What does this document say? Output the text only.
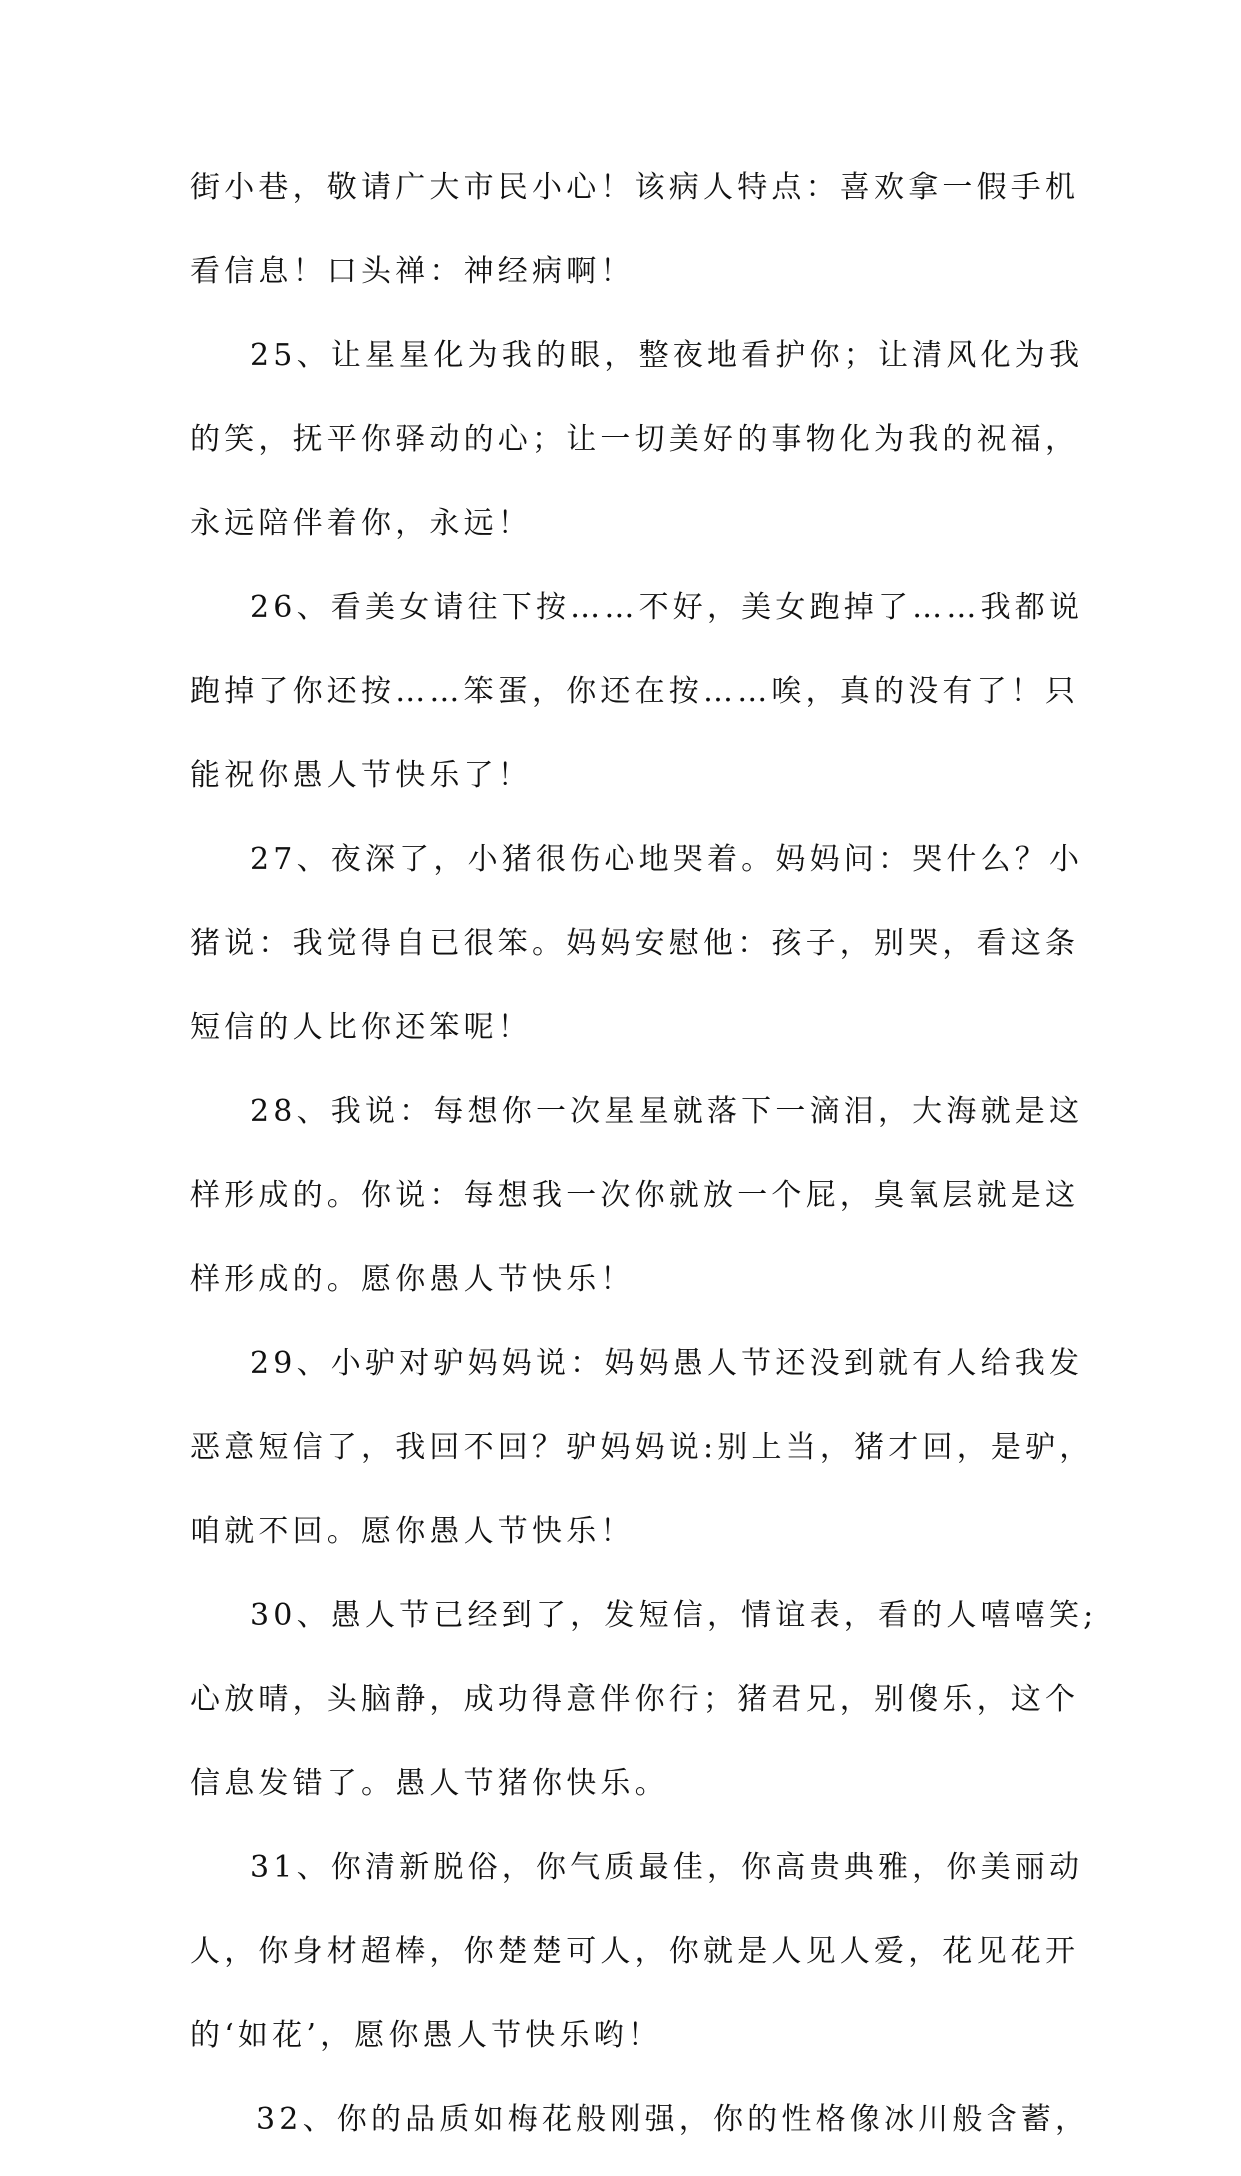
街小巷，敬请广大市民小心！该病人特点：喜欢拿一假手机
看信息！口头禅：神经病啊！
25、让星星化为我的眼，整夜地看护你；让清风化为我
的笑，抚平你驿动的心；让一切美好的事物化为我的祝福，
永远陪伴着你，永远！
26、看美女请往下按……不好，美女跑掉了……我都说
跑掉了你还按……笨蛋，你还在按……唉，真的没有了！只
能祝你愚人节快乐了！
27、夜深了，小猪很伤心地哭着。妈妈问：哭什么？小
猪说：我觉得自已很笨。妈妈安慰他：孩子，别哭，看这条
短信的人比你还笨呢！
28、我说：每想你一次星星就落下一滴泪，大海就是这
样形成的。你说：每想我一次你就放一个屁，臭氧层就是这
样形成的。愿你愚人节快乐！
29、小驴对驴妈妈说：妈妈愚人节还没到就有人给我发
恶意短信了，我回不回？驴妈妈说:别上当，猪才回，是驴，
咱就不回。愿你愚人节快乐！
30、愚人节已经到了，发短信，情谊表，看的人嘻嘻笑;
心放晴，头脑静，成功得意伴你行；猪君兄，别傻乐，这个
信息发错了。愚人节猪你快乐。
31、你清新脱俗，你气质最佳，你高贵典雅，你美丽动
人，你身材超棒，你楚楚可人，你就是人见人爱，花见花开
的‘如花’，愿你愚人节快乐哟！
32、你的品质如梅花般刚强，你的性格像冰川般含蓄，
